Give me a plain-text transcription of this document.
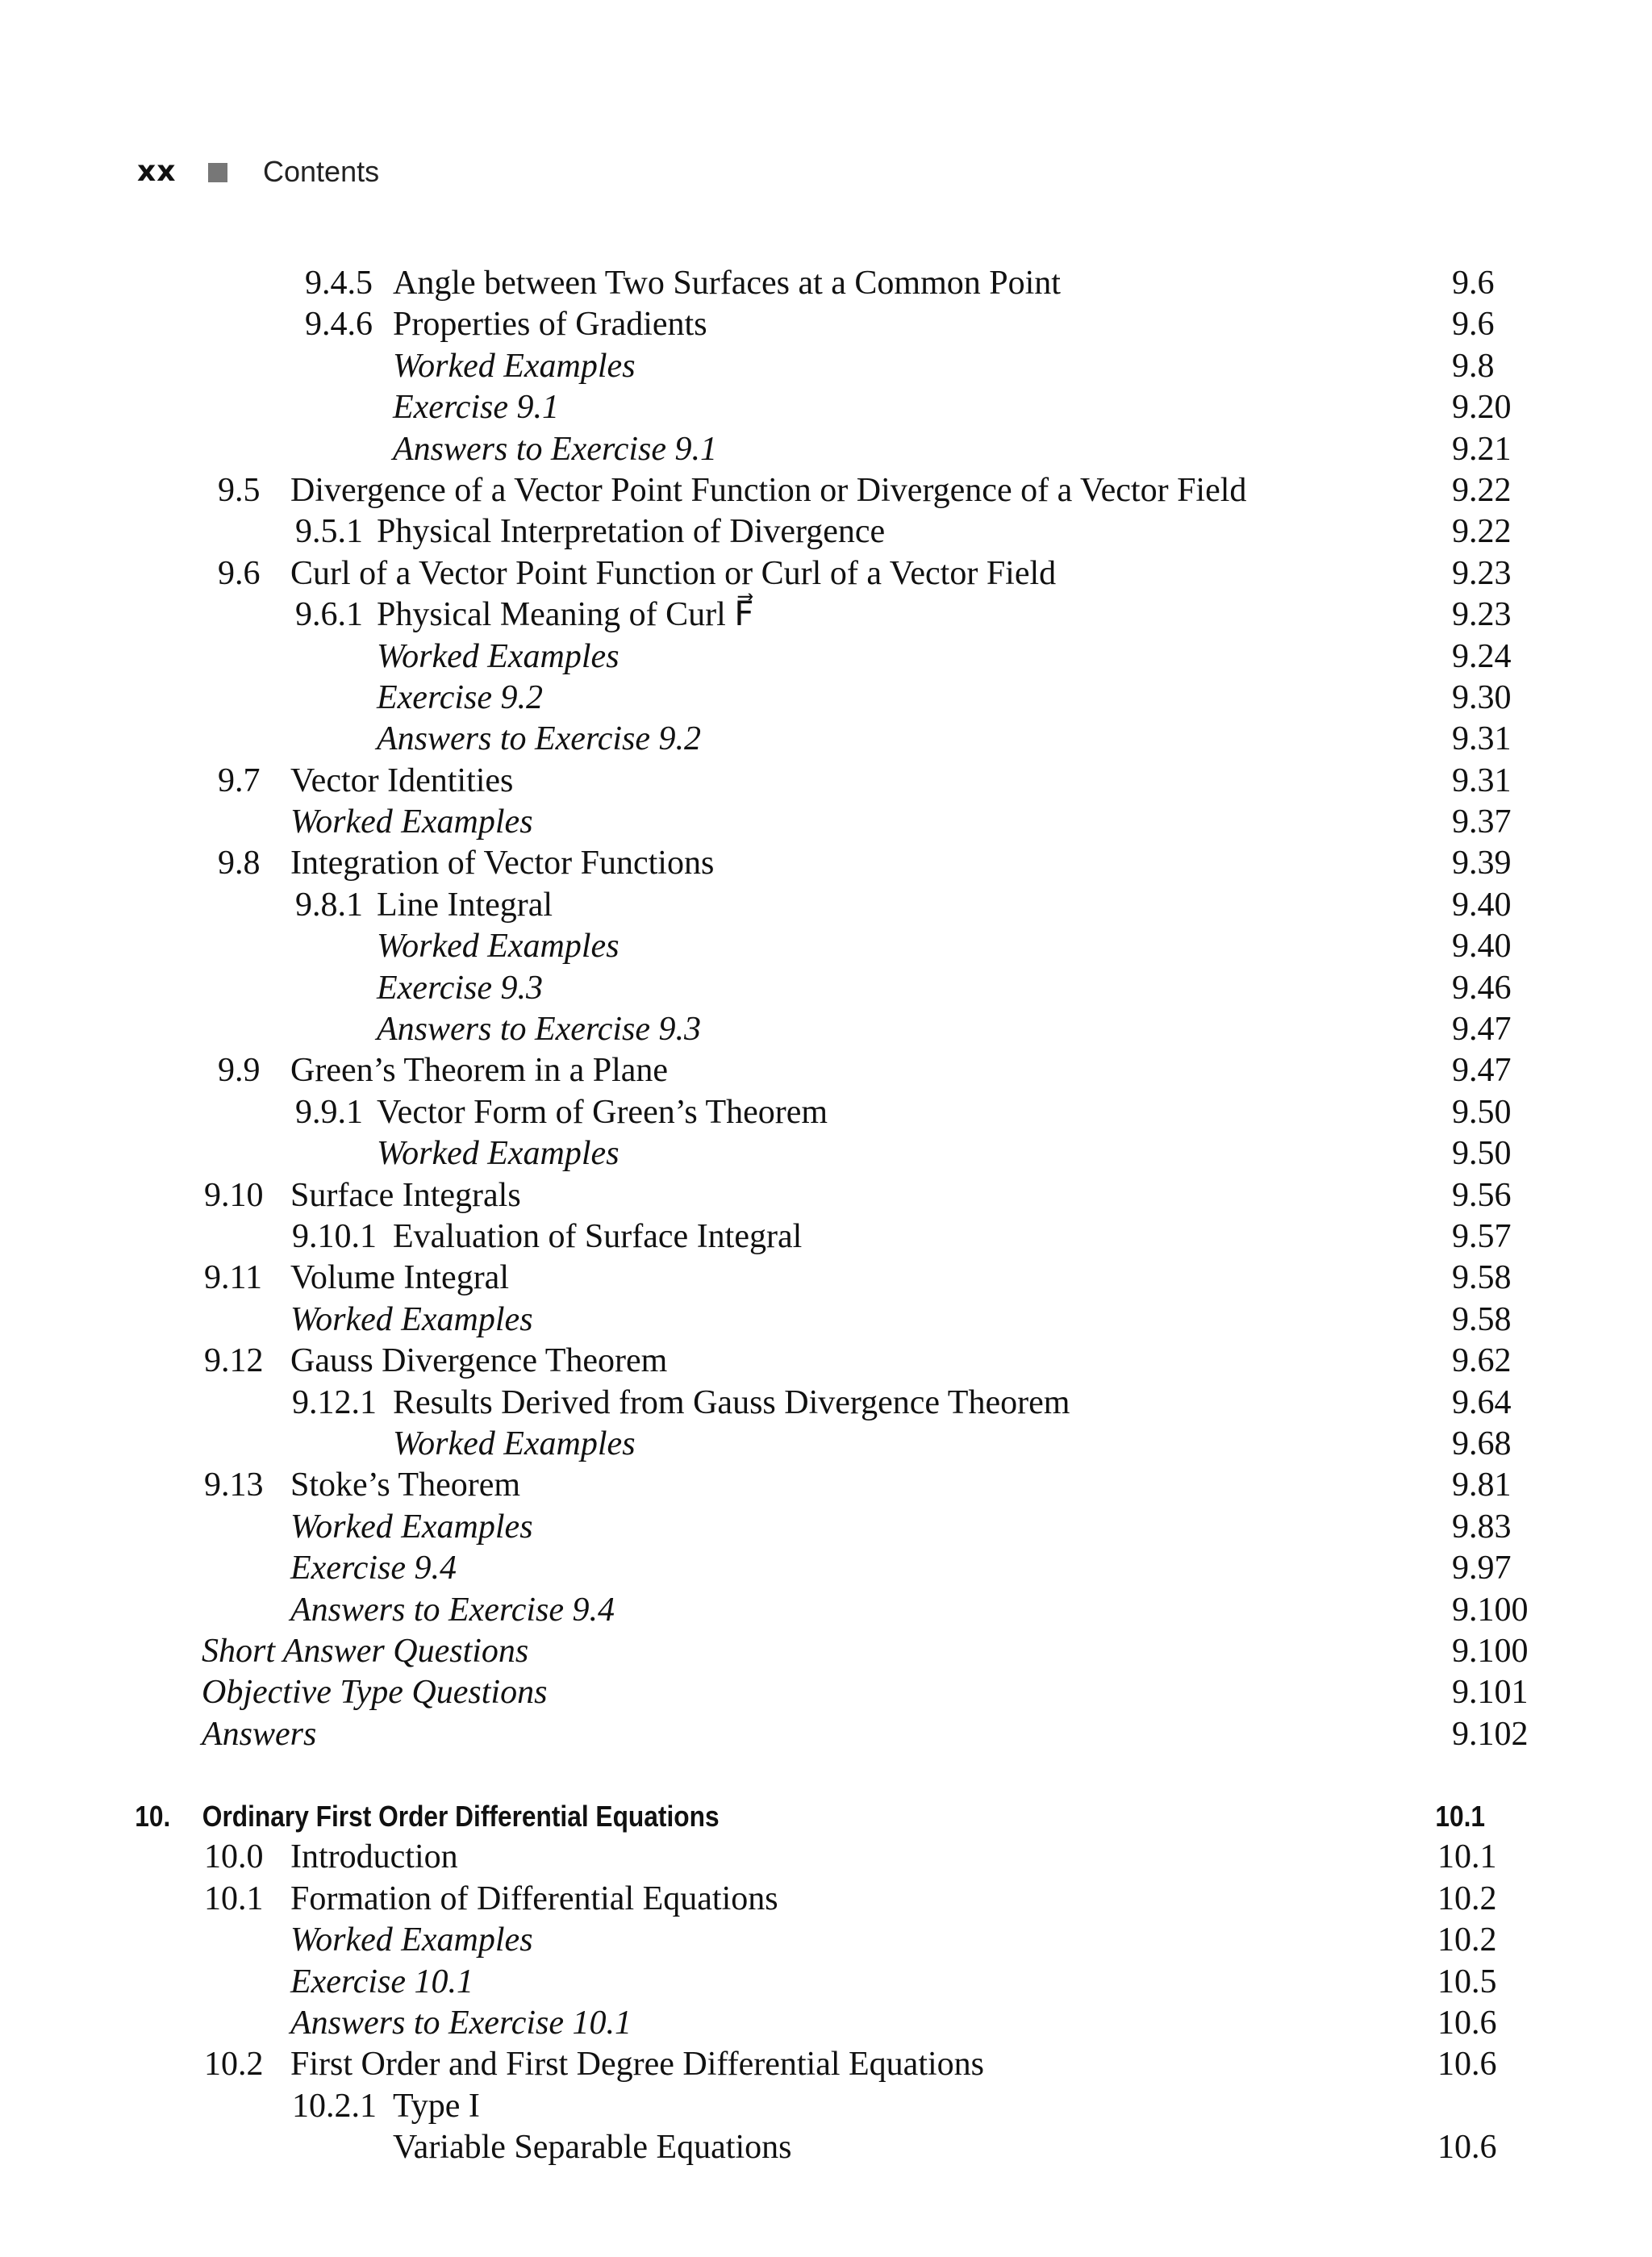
xx	Contents
9.4.5 Angle between Two Surfaces at a Common Point	9.6
9.4.6 Properties of Gradients	9.6
Worked Examples	9.8
Exercise 9.1	9.20
Answers to Exercise 9.1	9.21
9.5 Divergence of a Vector Point Function or Divergence of a Vector Field	9.22
9.5.1 Physical Interpretation of Divergence	9.22
9.6 Curl of a Vector Point Function or Curl of a Vector Field	9.23
9.6.1 Physical Meaning of Curl F⃗	9.23
Worked Examples	9.24
Exercise 9.2	9.30
Answers to Exercise 9.2	9.31
9.7 Vector Identities	9.31
Worked Examples	9.37
9.8 Integration of Vector Functions	9.39
9.8.1 Line Integral	9.40
Worked Examples	9.40
Exercise 9.3	9.46
Answers to Exercise 9.3	9.47
9.9 Green’s Theorem in a Plane	9.47
9.9.1 Vector Form of Green’s Theorem	9.50
Worked Examples	9.50
9.10 Surface Integrals	9.56
9.10.1 Evaluation of Surface Integral	9.57
9.11 Volume Integral	9.58
Worked Examples	9.58
9.12 Gauss Divergence Theorem	9.62
9.12.1 Results Derived from Gauss Divergence Theorem	9.64
Worked Examples	9.68
9.13 Stoke’s Theorem	9.81
Worked Examples	9.83
Exercise 9.4	9.97
Answers to Exercise 9.4	9.100
Short Answer Questions	9.100
Objective Type Questions	9.101
Answers	9.102
10. Ordinary First Order Differential Equations	10.1
10.0 Introduction	10.1
10.1 Formation of Differential Equations	10.2
Worked Examples	10.2
Exercise 10.1	10.5
Answers to Exercise 10.1	10.6
10.2 First Order and First Degree Differential Equations	10.6
10.2.1 Type I
Variable Separable Equations	10.6
